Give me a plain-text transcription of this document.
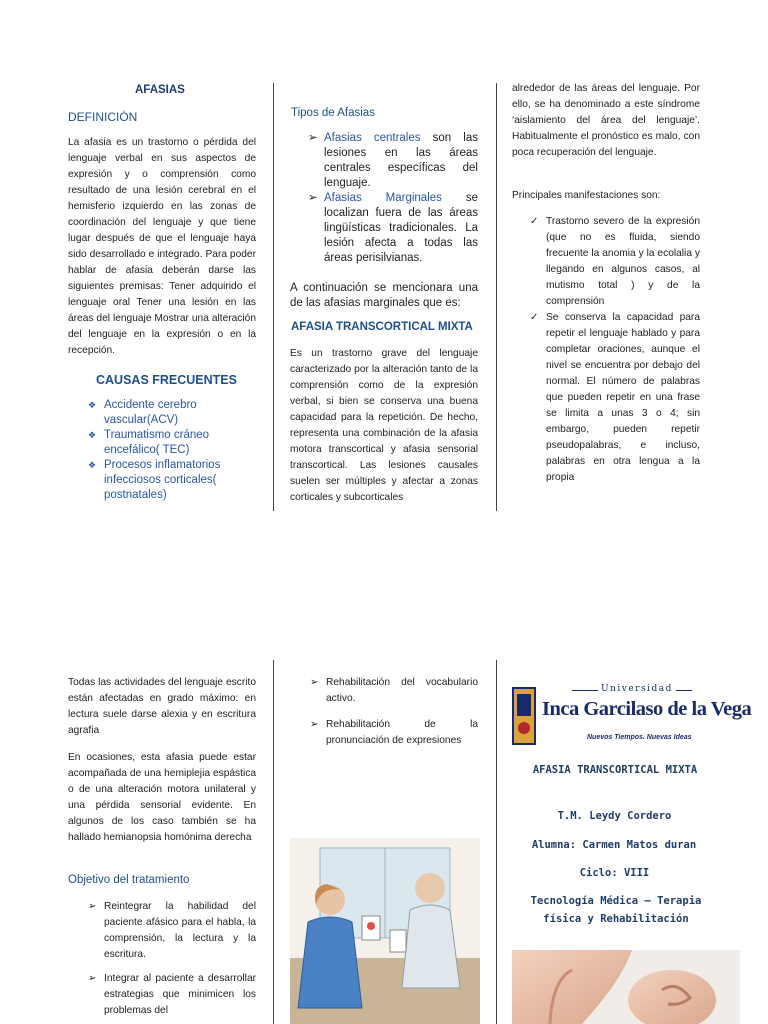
AFASIAS
DEFINICIÓN
La afasia es un trastorno o pérdida del lenguaje verbal en sus aspectos de expresión y o comprensión como resultado de una lesión cerebral en el hemisferio izquierdo en las zonas de coordinación del lenguaje y que tiene lugar después de que el lenguaje haya sido desarrollado e integrado. Para poder hablar de afasia deberán darse las siguientes premisas: Tener adquirido el lenguaje oral Tener una lesión en las áreas del lenguaje Mostrar una alteración del lenguaje en la expresión o en la recepción.
CAUSAS FRECUENTES
❖ Accidente cerebro vascular(ACV)
❖ Traumatismo cráneo encefálico( TEC)
❖ Procesos inflamatorios infecciosos corticales( postnatales)
Tipos de Afasias
➢ Afasias centrales son las lesiones en las áreas centrales específicas del lenguaje.
➢ Afasias Marginales se localizan fuera de las áreas lingüísticas tradicionales. La lesión afecta a todas las áreas perisilvianas.
A continuación se mencionara una de las afasias marginales que es:
AFASIA TRANSCORTICAL MIXTA
Es un trastorno grave del lenguaje caracterizado por la alteración tanto de la comprensión como de la expresión verbal, si bien se conserva una buena capacidad para la repetición. De hecho, representa una combinación de la afasia motora transcortical y afasia sensorial transcortical. Las lesiones causales suelen ser múltiples y afectar a zonas corticales y subcorticales
alrededor de las áreas del lenguaje. Por ello, se ha denominado a este síndrome ‘aislamiento del área del lenguaje’. Habitualmente el pronóstico es malo, con poca recuperación del lenguaje.
Principales manifestaciones son:
✓ Trastorno severo de la expresión (que no es fluida, siendo frecuente la anomia y la ecolalia y llegando en algunos casos, al mutismo total ) y de la comprensión
✓ Se conserva la capacidad para repetir el lenguaje hablado y para completar oraciones, aunque el nivel se encuentra por debajo del normal. El número de palabras que pueden repetir en una frase se limita a unas 3 o 4; sin embargo, pueden repetir pseudopalabras, e incluso, palabras en otra lengua a la propia
Todas las actividades del lenguaje escrito están afectadas en grado máximo: en lectura suele darse alexia y en escritura agrafia
En ocasiones, esta afasia puede estar acompañada de una hemiplejia espástica o de una alteración motora unilateral y una pérdida sensorial evidente. En algunos de los caso también se ha hallado hemianopsia homónima derecha
Objetivo del tratamiento
➢ Reintegrar la habilidad del paciente afásico para el habla, la comprensión, la lectura y la escritura.
➢ Integrar al paciente a desarrollar estrategias que minimicen los problemas del
➢ Rehabilitación del vocabulario activo.
➢ Rehabilitación de la pronunciación de expresiones
Universidad
Inca Garcilaso de la Vega
Nuevos Tiempos. Nuevas Ideas
AFASIA TRANSCORTICAL MIXTA
T.M. Leydy Cordero
Alumna: Carmen Matos duran
Ciclo: VIII
Tecnología Médica – Terapia física y Rehabilitación
